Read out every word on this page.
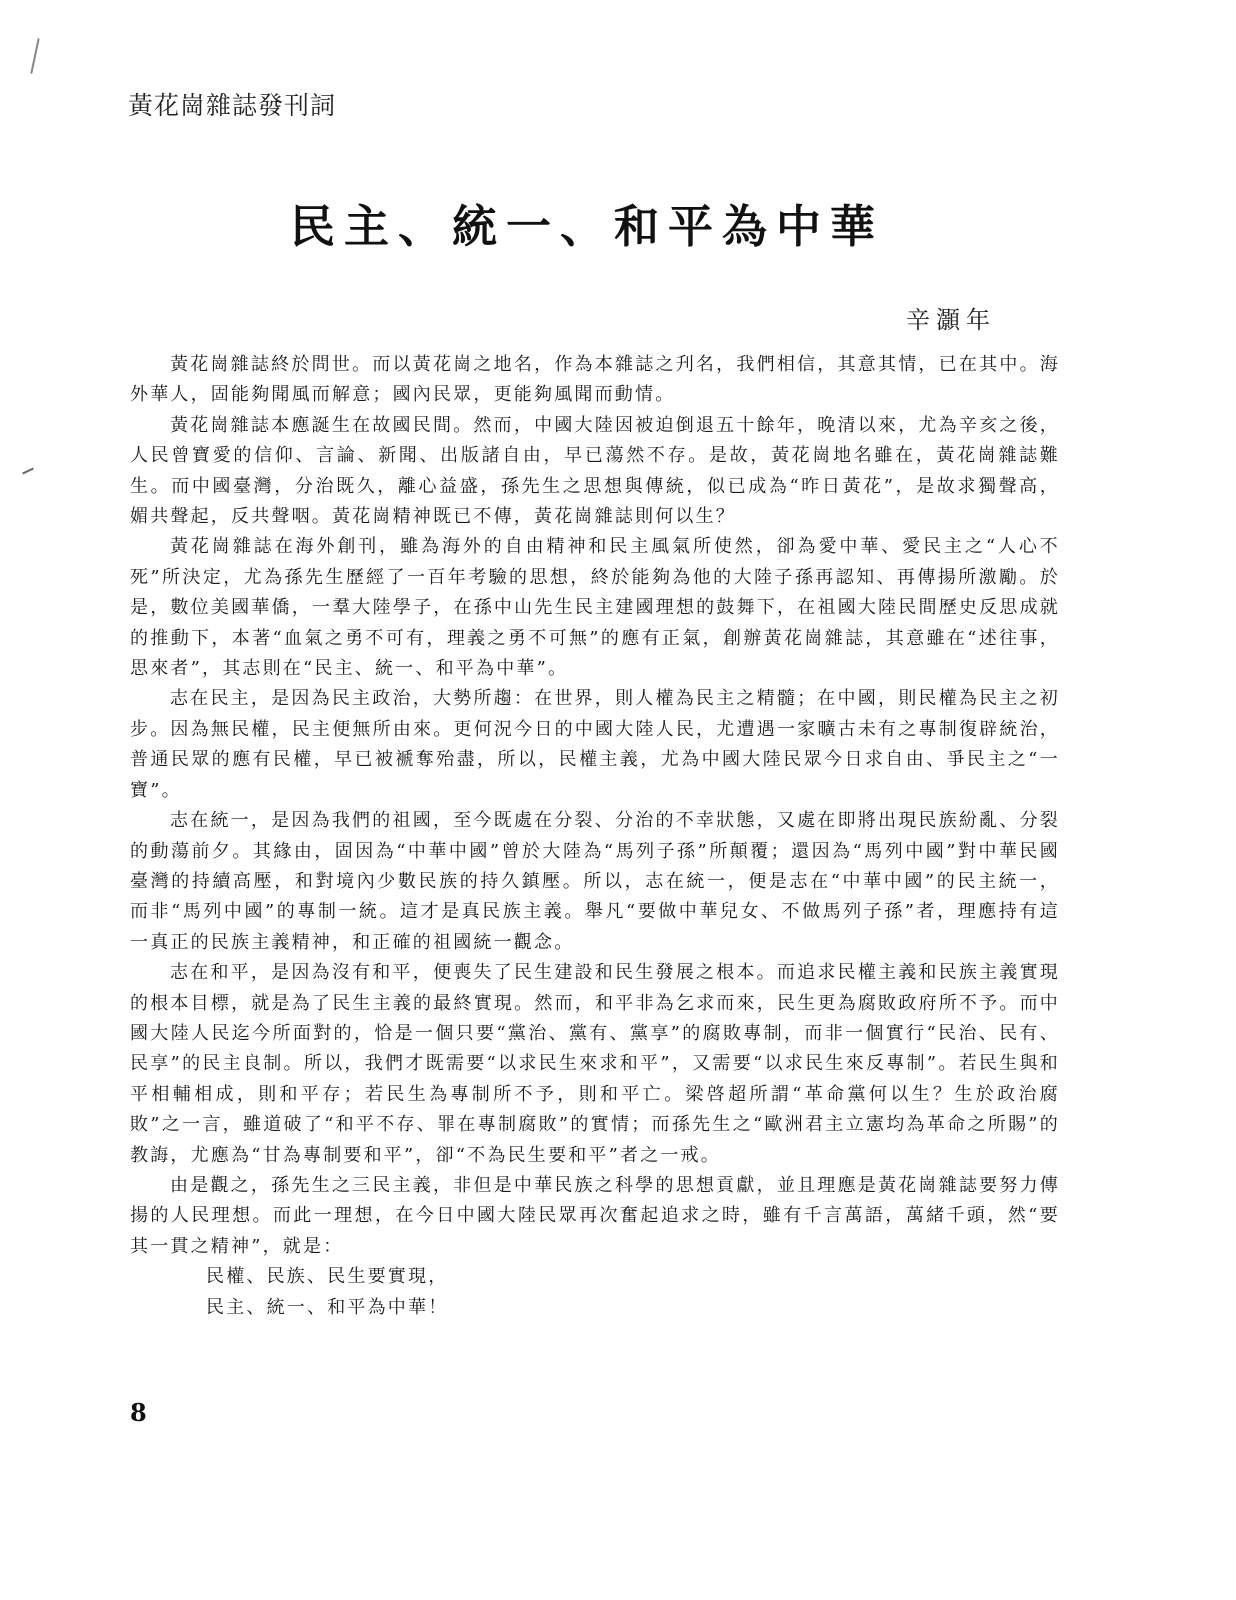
黃花崗雜誌發刊詞
民主、統一、和平為中華
辛灝年

黃花崗雜誌終於問世。而以黃花崗之地名，作為本雜誌之刋名，我們相信，其意其情，已在其中。海外華人，固能夠聞風而解意；國內民眾，更能夠風聞而動情。

黃花崗雜誌本應誕生在故國民間。然而，中國大陸因被迫倒退五十餘年，晚清以來，尤為辛亥之後，人民曾寶愛的信仰、言論、新聞、出版諸自由，早已蕩然不存。是故，黃花崗地名雖在，黃花崗雜誌難生。而中國臺灣，分治既久，離心益盛，孫先生之思想與傳統，似已成為“昨日黃花”，是故求獨聲高，媚共聲起，反共聲咽。黃花崗精神既已不傳，黃花崗雜誌則何以生？

黃花崗雜誌在海外創刊，雖為海外的自由精神和民主風氣所使然，卻為愛中華、愛民主之“人心不死”所決定，尤為孫先生歷經了一百年考驗的思想，終於能夠為他的大陸子孫再認知、再傳揚所激勵。於是，數位美國華僑，一羣大陸學子，在孫中山先生民主建國理想的鼓舞下，在祖國大陸民間歷史反思成就的推動下，本著“血氣之勇不可有，理義之勇不可無”的應有正氣，創辦黃花崗雜誌，其意雖在“述往事，思來者”，其志則在“民主、統一、和平為中華”。

志在民主，是因為民主政治，大勢所趨：在世界，則人權為民主之精髓；在中國，則民權為民主之初步。因為無民權，民主便無所由來。更何況今日的中國大陸人民，尤遭遇一家曠古未有之專制復辟統治，普通民眾的應有民權，早已被褫奪殆盡，所以，民權主義，尤為中國大陸民眾今日求自由、爭民主之“一寶”。

志在統一，是因為我們的祖國，至今既處在分裂、分治的不幸狀態，又處在即將出現民族紛亂、分裂的動蕩前夕。其緣由，固因為“中華中國”曾於大陸為“馬列子孫”所顛覆；還因為“馬列中國”對中華民國臺灣的持續高壓，和對境內少數民族的持久鎮壓。所以，志在統一，便是志在“中華中國”的民主統一，而非“馬列中國”的專制一統。這才是真民族主義。舉凡“要做中華兒女、不做馬列子孫”者，理應持有這一真正的民族主義精神，和正確的祖國統一觀念。

志在和平，是因為沒有和平，便喪失了民生建設和民生發展之根本。而追求民權主義和民族主義實現的根本目標，就是為了民生主義的最終實現。然而，和平非為乞求而來，民生更為腐敗政府所不予。而中國大陸人民迄今所面對的，恰是一個只要“黨治、黨有、黨享”的腐敗專制，而非一個實行“民治、民有、民享”的民主良制。所以，我們才既需要“以求民生來求和平”，又需要“以求民生來反專制”。若民生與和平相輔相成，則和平存；若民生為專制所不予，則和平亡。梁啓超所謂“革命黨何以生？生於政治腐敗”之一言，雖道破了“和平不存、罪在專制腐敗”的實情；而孫先生之“歐洲君主立憲均為革命之所賜”的教誨，尤應為“甘為專制要和平”，卻“不為民生要和平”者之一戒。

由是觀之，孫先生之三民主義，非但是中華民族之科學的思想貢獻，並且理應是黃花崗雜誌要努力傳揚的人民理想。而此一理想，在今日中國大陸民眾再次奮起追求之時，雖有千言萬語，萬緒千頭，然“要其一貫之精神”，就是：

民權、民族、民生要實現，

民主、統一、和平為中華！

8
